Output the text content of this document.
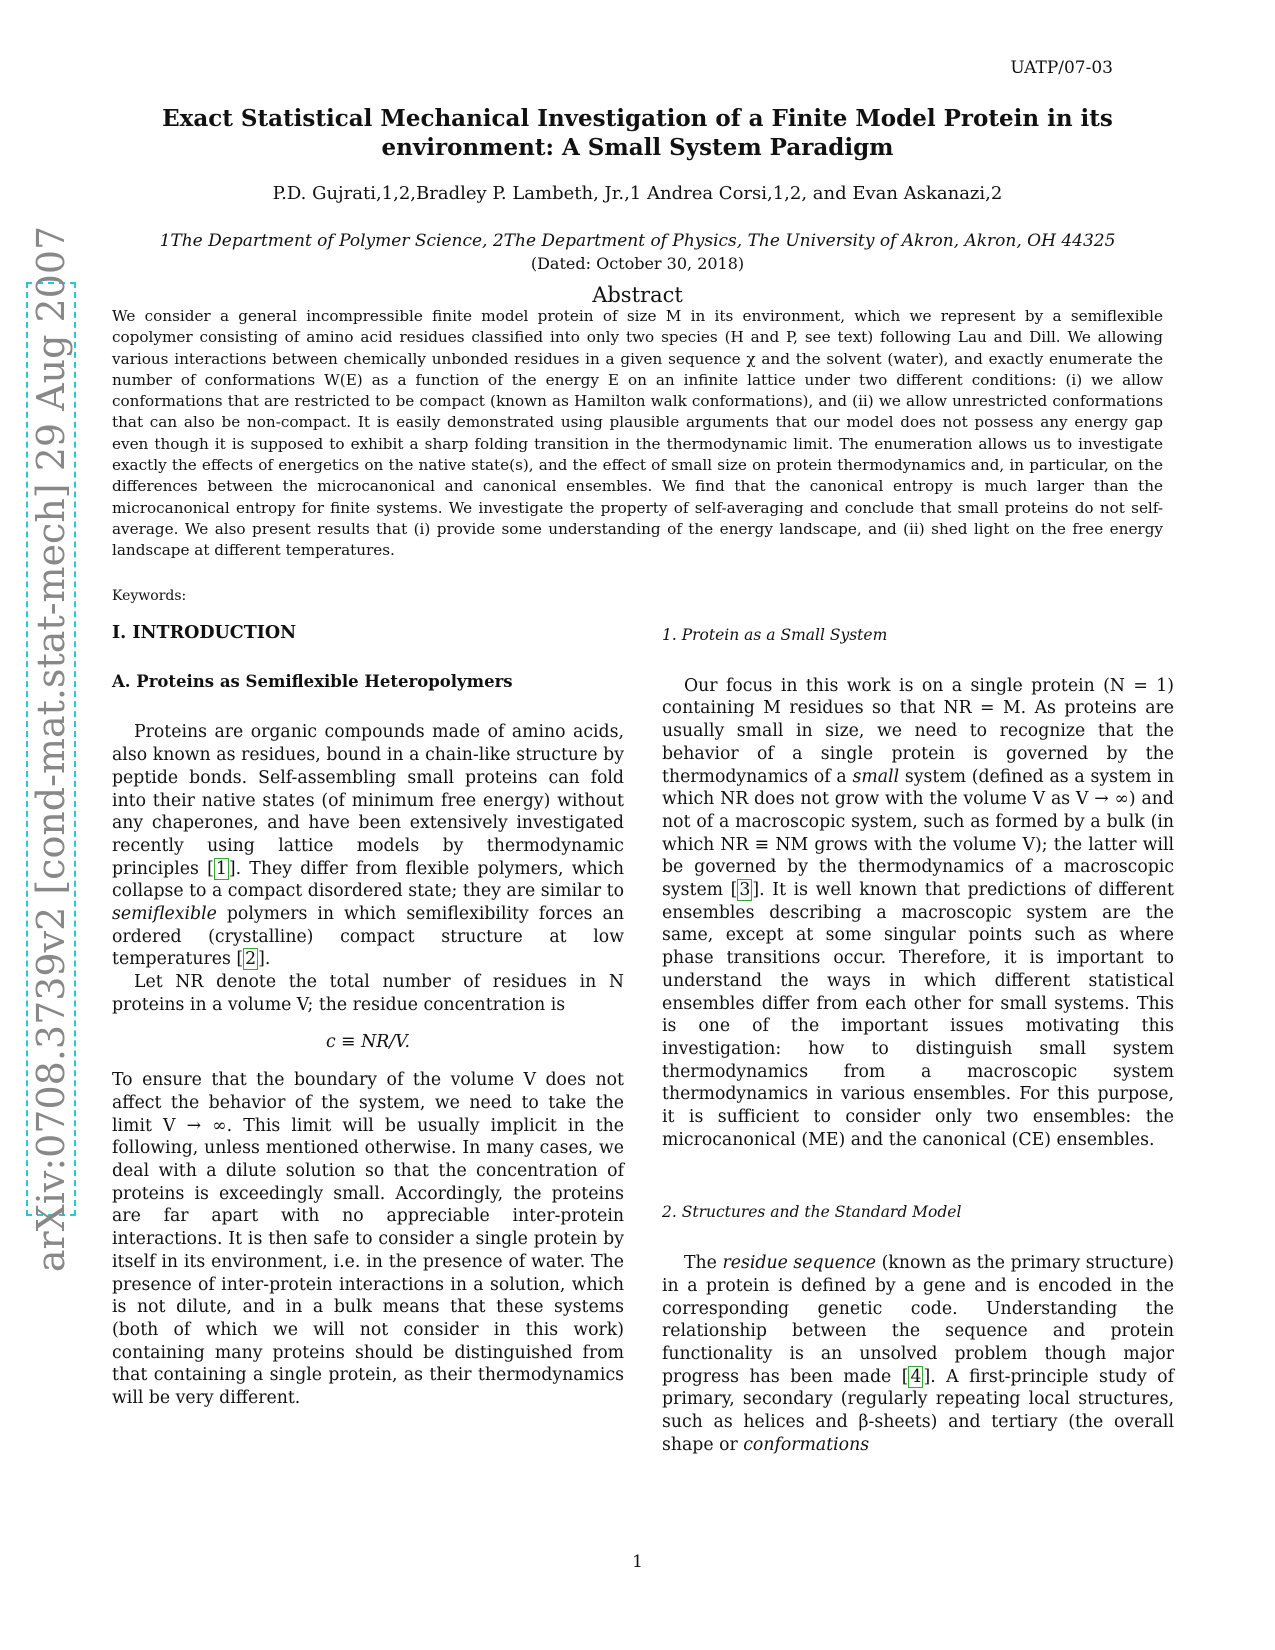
UATP/07-03
Exact Statistical Mechanical Investigation of a Finite Model Protein in its environment: A Small System Paradigm
P.D. Gujrati,1,2,Bradley P. Lambeth, Jr.,1 Andrea Corsi,1,2, and Evan Askanazi,2
1The Department of Polymer Science, 2The Department of Physics, The University of Akron, Akron, OH 44325
(Dated: October 30, 2018)
Abstract
We consider a general incompressible finite model protein of size M in its environment, which we represent by a semiflexible copolymer consisting of amino acid residues classified into only two species (H and P, see text) following Lau and Dill. We allowing various interactions between chemically unbonded residues in a given sequence χ and the solvent (water), and exactly enumerate the number of conformations W(E) as a function of the energy E on an infinite lattice under two different conditions: (i) we allow conformations that are restricted to be compact (known as Hamilton walk conformations), and (ii) we allow unrestricted conformations that can also be non-compact. It is easily demonstrated using plausible arguments that our model does not possess any energy gap even though it is supposed to exhibit a sharp folding transition in the thermodynamic limit. The enumeration allows us to investigate exactly the effects of energetics on the native state(s), and the effect of small size on protein thermodynamics and, in particular, on the differences between the microcanonical and canonical ensembles. We find that the canonical entropy is much larger than the microcanonical entropy for finite systems. We investigate the property of self-averaging and conclude that small proteins do not self-average. We also present results that (i) provide some understanding of the energy landscape, and (ii) shed light on the free energy landscape at different temperatures.
Keywords:
I. INTRODUCTION
A. Proteins as Semiflexible Heteropolymers

Proteins are organic compounds made of amino acids, also known as residues, bound in a chain-like structure by peptide bonds. Self-assembling small proteins can fold into their native states (of minimum free energy) without any chaperones, and have been extensively investigated recently using lattice models by thermodynamic principles [ 1 ]. They differ from flexible polymers, which collapse to a compact disordered state; they are similar to semiflexible polymers in which semiflexibility forces an ordered (crystalline) compact structure at low temperatures [ 2 ].

Let NR denote the total number of residues in N proteins in a volume V; the residue concentration is

c ≡ NR/V.

To ensure that the boundary of the volume V does not affect the behavior of the system, we need to take the limit V → ∞. This limit will be usually implicit in the following, unless mentioned otherwise. In many cases, we deal with a dilute solution so that the concentration of proteins is exceedingly small. Accordingly, the proteins are far apart with no appreciable inter-protein interactions. It is then safe to consider a single protein by itself in its environment, i.e. in the presence of water. The presence of inter-protein interactions in a solution, which is not dilute, and in a bulk means that these systems (both of which we will not consider in this work) containing many proteins should be distinguished from that containing a single protein, as their thermodynamics will be very different.

1. Protein as a Small System

Our focus in this work is on a single protein (N = 1) containing M residues so that NR = M. As proteins are usually small in size, we need to recognize that the behavior of a single protein is governed by the thermodynamics of a small system (defined as a system in which NR does not grow with the volume V as V → ∞) and not of a macroscopic system, such as formed by a bulk (in which NR ≡ NM grows with the volume V); the latter will be governed by the thermodynamics of a macroscopic system [ 3 ]. It is well known that predictions of different ensembles describing a macroscopic system are the same, except at some singular points such as where phase transitions occur. Therefore, it is important to understand the ways in which different statistical ensembles differ from each other for small systems. This is one of the important issues motivating this investigation: how to distinguish small system thermodynamics from a macroscopic system thermodynamics in various ensembles. For this purpose, it is sufficient to consider only two ensembles: the microcanonical (ME) and the canonical (CE) ensembles.

2. Structures and the Standard Model

The residue sequence (known as the primary structure) in a protein is defined by a gene and is encoded in the corresponding genetic code. Understanding the relationship between the sequence and protein functionality is an unsolved problem though major progress has been made [ 4 ]. A first-principle study of primary, secondary (regularly repeating local structures, such as helices and β-sheets) and tertiary (the overall shape or conformations

arXiv:0708.3739v2 [cond-mat.stat-mech] 29 Aug 2007
1
